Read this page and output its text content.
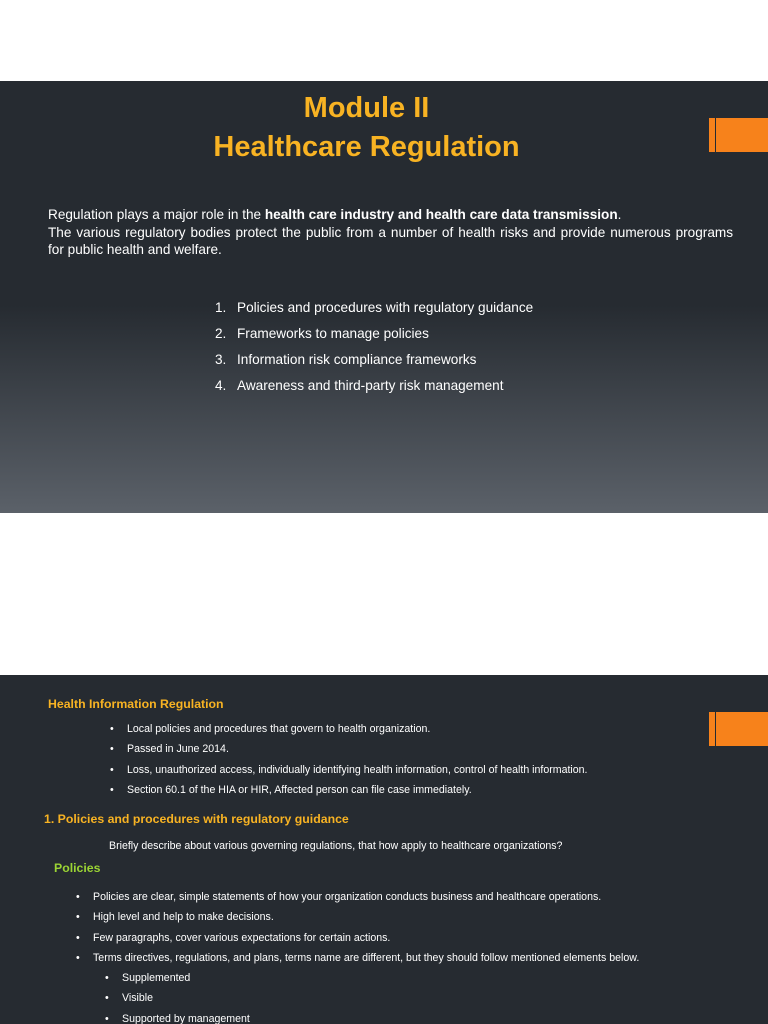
Module II
Healthcare Regulation
Regulation plays a major role in the health care industry and health care data transmission.
The various regulatory bodies protect the public from a number of health risks and provide numerous programs for public health and welfare.
1. Policies and procedures with regulatory guidance
2. Frameworks to manage policies
3. Information risk compliance frameworks
4. Awareness and third-party risk management
Health Information Regulation
• Local policies and procedures that govern to health organization.
• Passed in June 2014.
• Loss, unauthorized access, individually identifying health information, control of health information.
• Section 60.1 of the HIA or HIR, Affected person can file case immediately.
1. Policies and procedures with regulatory guidance
Briefly describe about various governing regulations, that how apply to healthcare organizations?
Policies
• Policies are clear, simple statements of how your organization conducts business and healthcare operations.
• High level and help to make decisions.
• Few paragraphs, cover various expectations for certain actions.
• Terms directives, regulations, and plans, terms name are different, but they should follow mentioned elements below.
• Supplemented
• Visible
• Supported by management
